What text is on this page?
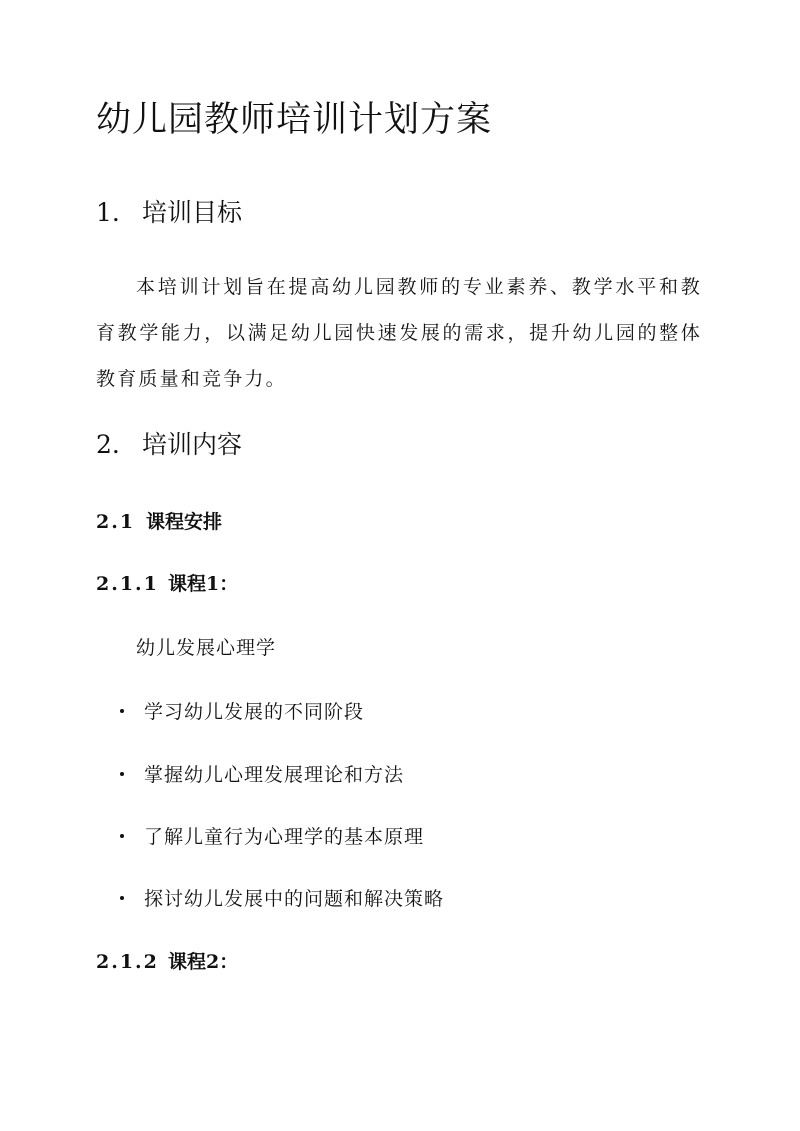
幼儿园教师培训计划方案
1. 培训目标

本培训计划旨在提高幼儿园教师的专业素养、教学水平和教育教学能力，以满足幼儿园快速发展的需求，提升幼儿园的整体教育质量和竞争力。

2. 培训内容
2.1 课程安排
2.1.1 课程1：

幼儿发展心理学

学习幼儿发展的不同阶段

掌握幼儿心理发展理论和方法

了解儿童行为心理学的基本原理

探讨幼儿发展中的问题和解决策略

2.1.2 课程2：
